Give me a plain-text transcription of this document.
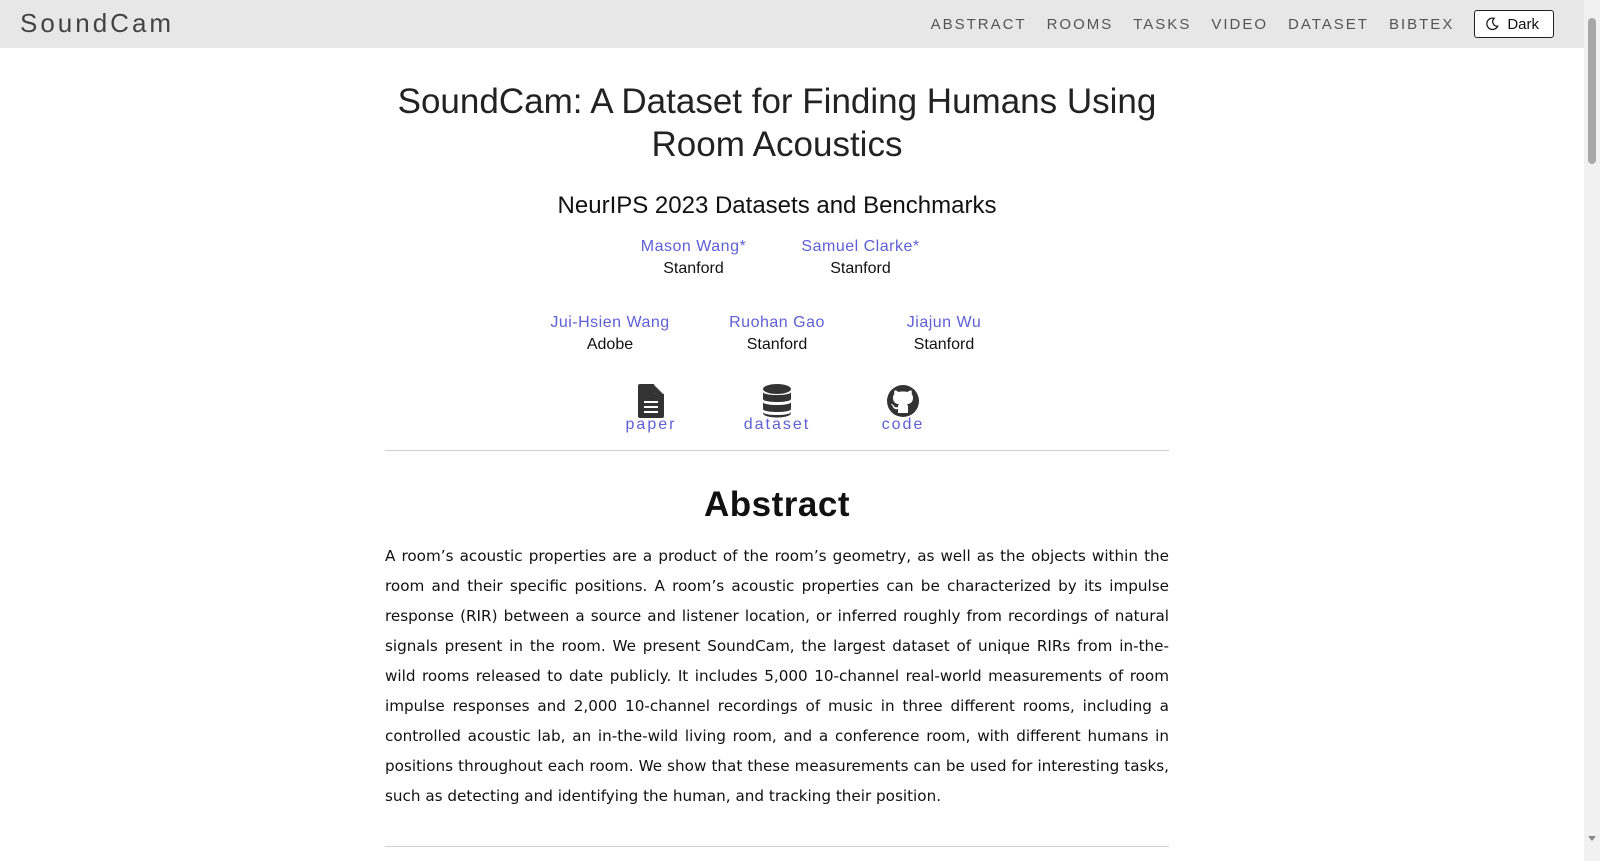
SoundCam	ABSTRACT ROOMS TASKS VIDEO DATASET BIBTEX	Dark
SoundCam: A Dataset for Finding Humans Using Room Acoustics
NeurIPS 2023 Datasets and Benchmarks
Mason Wang*
Stanford
Samuel Clarke*
Stanford
Jui-Hsien Wang
Adobe
Ruohan Gao
Stanford
Jiajun Wu
Stanford
paper	dataset	code
Abstract

A room’s acoustic properties are a product of the room’s geometry, as well as the objects within the room and their specific positions. A room’s acoustic properties can be characterized by its impulse response (RIR) between a source and listener location, or inferred roughly from recordings of natural signals present in the room. We present SoundCam, the largest dataset of unique RIRs from in-the-wild rooms released to date publicly. It includes 5,000 10-channel real-world measurements of room impulse responses and 2,000 10-channel recordings of music in three different rooms, including a controlled acoustic lab, an in-the-wild living room, and a conference room, with different humans in positions throughout each room. We show that these measurements can be used for interesting tasks, such as detecting and identifying the human, and tracking their position.
